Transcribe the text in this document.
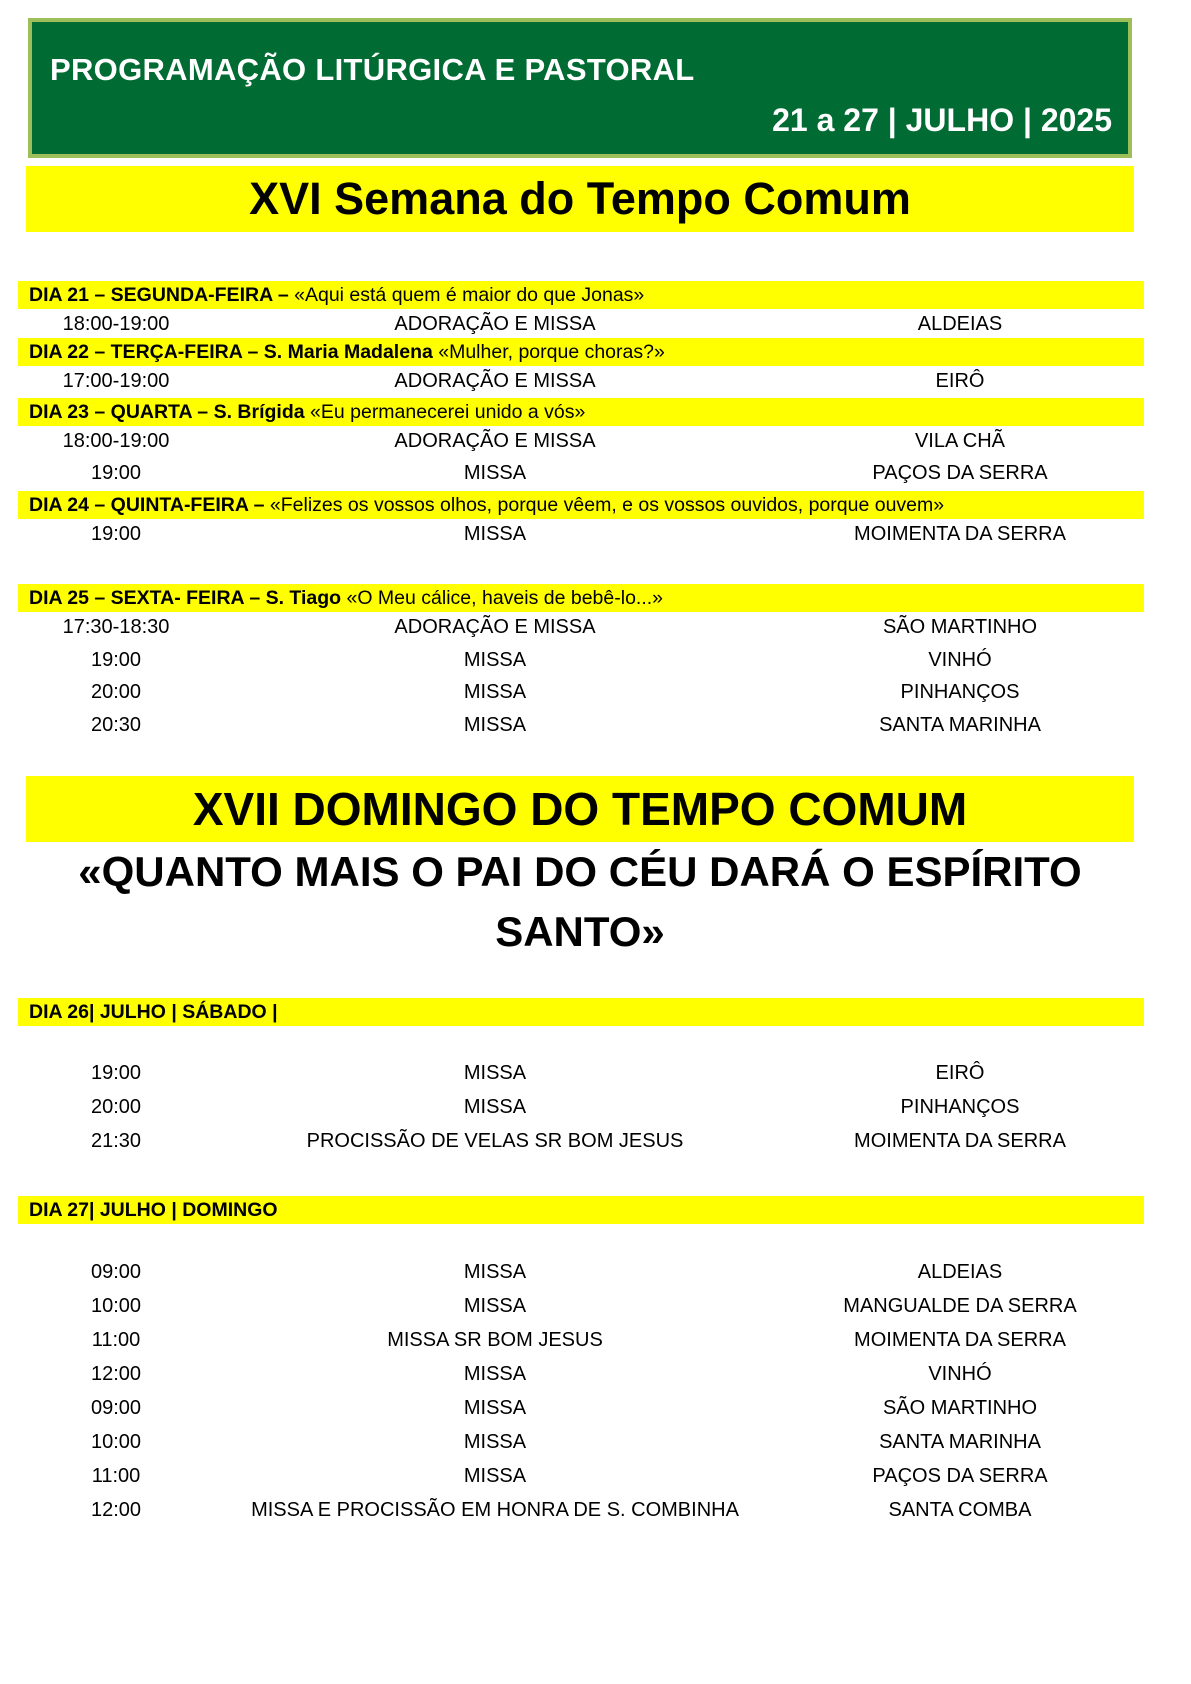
PROGRAMAÇÃO LITÚRGICA E PASTORAL
21 a 27 | JULHO | 2025
XVI Semana do Tempo Comum
DIA 21 – SEGUNDA-FEIRA – «Aqui está quem é maior do que Jonas»
18:00-19:00	ADORAÇÃO E MISSA	ALDEIAS
DIA 22 – TERÇA-FEIRA – S. Maria Madalena «Mulher, porque choras?»
17:00-19:00	ADORAÇÃO E MISSA	EIRÔ
DIA 23 – QUARTA – S. Brígida «Eu permanecerei unido a vós»
18:00-19:00	ADORAÇÃO E MISSA	VILA CHÃ
19:00	MISSA	PAÇOS DA SERRA
DIA 24 – QUINTA-FEIRA – «Felizes os vossos olhos, porque vêem, e os vossos ouvidos, porque ouvem»
19:00	MISSA	MOIMENTA DA SERRA
DIA 25 – SEXTA- FEIRA – S. Tiago «O Meu cálice, haveis de bebê-lo...»
17:30-18:30	ADORAÇÃO E MISSA	SÃO MARTINHO
19:00	MISSA	VINHÓ
20:00	MISSA	PINHANÇOS
20:30	MISSA	SANTA MARINHA
XVII DOMINGO DO TEMPO COMUM
«QUANTO MAIS O PAI DO CÉU DARÁ O ESPÍRITO SANTO»
DIA 26| JULHO | SÁBADO |
19:00	MISSA	EIRÔ
20:00	MISSA	PINHANÇOS
21:30	PROCISSÃO DE VELAS SR BOM JESUS	MOIMENTA DA SERRA
DIA 27| JULHO | DOMINGO
09:00	MISSA	ALDEIAS
10:00	MISSA	MANGUALDE DA SERRA
11:00	MISSA SR BOM JESUS	MOIMENTA DA SERRA
12:00	MISSA	VINHÓ
09:00	MISSA	SÃO MARTINHO
10:00	MISSA	SANTA MARINHA
11:00	MISSA	PAÇOS DA SERRA
12:00	MISSA E PROCISSÃO EM HONRA DE S. COMBINHA	SANTA COMBA
